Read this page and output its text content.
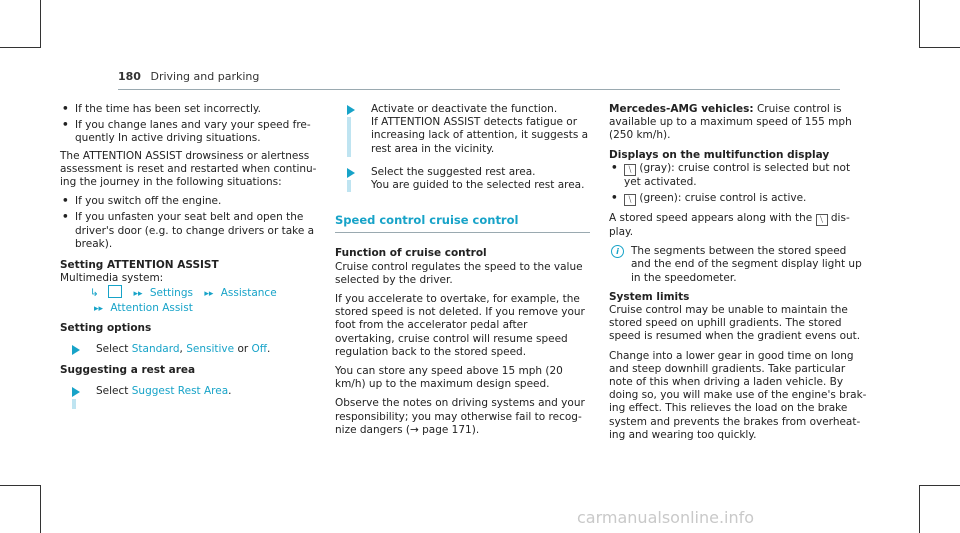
180 Driving and parking
• If the time has been set incorrectly.
• If you change lanes and vary your speed fre-quently In active driving situations.

The ATTENTION ASSIST drowsiness or alertness assessment is reset and restarted when continu-ing the journey in the following situations:

• If you switch off the engine.
• If you unfasten your seat belt and open the driver's door (e.g. to change drivers or take a break).

Setting ATTENTION ASSIST
Multimedia system:

↳	▸▸ Settings ▸▸ Assistance
▸▸ Attention Assist

Setting options

Select Standard, Sensitive or Off.

Suggesting a rest area

Select Suggest Rest Area.
Activate or deactivate the function.
If ATTENTION ASSIST detects fatigue or increasing lack of attention, it suggests a rest area in the vicinity.
Select the suggested rest area.
You are guided to the selected rest area.
Speed control cruise control

Function of cruise control

Cruise control regulates the speed to the value selected by the driver.

If you accelerate to overtake, for example, the stored speed is not deleted. If you remove your foot from the accelerator pedal after overtaking, cruise control will resume speed regulation back to the stored speed.

You can store any speed above 15 mph (20 km/h) up to the maximum design speed.

Observe the notes on driving systems and your responsibility; you may otherwise fail to recog-nize dangers (→ page 171).

Mercedes-AMG vehicles: Cruise control is available up to a maximum speed of 155 mph (250 km/h).

Displays on the multifunction display

• ⧹ (gray): cruise control is selected but not yet activated.
• ⧹ (green): cruise control is active.

A stored speed appears along with the ⧹ dis-play.

i	The segments between the stored speed and the end of the segment display light up in the speedometer.

System limits

Cruise control may be unable to maintain the stored speed on uphill gradients. The stored speed is resumed when the gradient evens out.

Change into a lower gear in good time on long and steep downhill gradients. Take particular note of this when driving a laden vehicle. By doing so, you will make use of the engine's brak-ing effect. This relieves the load on the brake system and prevents the brakes from overheat-ing and wearing too quickly.

carmanualsonline.info
